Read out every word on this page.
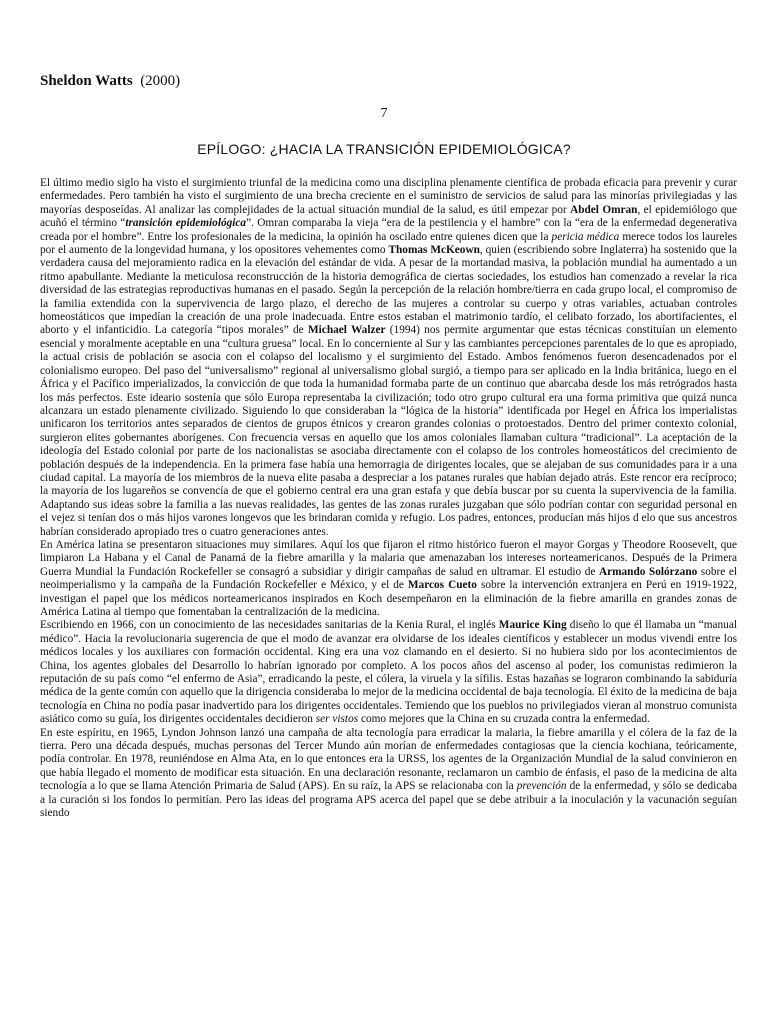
Sheldon Watts (2000)
7
EPÍLOGO: ¿HACIA LA TRANSICIÓN EPIDEMIOLÓGICA?

El último medio siglo ha visto el surgimiento triunfal de la medicina como una disciplina plenamente científica de probada eficacia para prevenir y curar enfermedades. Pero también ha visto el surgimiento de una brecha creciente en el suministro de servicios de salud para las minorías privilegiadas y las mayorías desposeídas. Al analizar las complejidades de la actual situación mundial de la salud, es útil empezar por Abdel Omran, el epidemiólogo que acuñó el término “transición epidemiológica”. Omran comparaba la vieja “era de la pestilencia y el hambre” con la “era de la enfermedad degenerativa creada por el hombre”. Entre los profesionales de la medicina, la opinión ha oscilado entre quienes dicen que la pericia médica merece todos los laureles por el aumento de la longevidad humana, y los opositores vehementes como Thomas McKeown, quien (escribiendo sobre Inglaterra) ha sostenido que la verdadera causa del mejoramiento radica en la elevación del estándar de vida. A pesar de la mortandad masiva, la población mundial ha aumentado a un ritmo apabullante. Mediante la meticulosa reconstrucción de la historia demográfica de ciertas sociedades, los estudios han comenzado a revelar la rica diversidad de las estrategias reproductivas humanas en el pasado. Según la percepción de la relación hombre/tierra en cada grupo local, el compromiso de la familia extendida con la supervivencia de largo plazo, el derecho de las mujeres a controlar su cuerpo y otras variables, actuaban controles homeostáticos que impedían la creación de una prole inadecuada. Entre estos estaban el matrimonio tardío, el celibato forzado, los abortifacientes, el aborto y el infanticidio. La categoría “tipos morales” de Michael Walzer (1994) nos permite argumentar que estas técnicas constituían un elemento esencial y moralmente aceptable en una “cultura gruesa” local. En lo concerniente al Sur y las cambiantes percepciones parentales de lo que es apropiado, la actual crisis de población se asocia con el colapso del localismo y el surgimiento del Estado. Ambos fenómenos fueron desencadenados por el colonialismo europeo. Del paso del “universalismo” regional al universalismo global surgió, a tiempo para ser aplicado en la India británica, luego en el África y el Pacífico imperializados, la convicción de que toda la humanidad formaba parte de un continuo que abarcaba desde los más retrógrados hasta los más perfectos. Este ideario sostenía que sólo Europa representaba la civilización; todo otro grupo cultural era una forma primitiva que quizá nunca alcanzara un estado plenamente civilizado. Siguiendo lo que consideraban la “lógica de la historia” identificada por Hegel en África los imperialistas unificaron los territorios antes separados de cientos de grupos étnicos y crearon grandes colonias o protoestados. Dentro del primer contexto colonial, surgieron elites gobernantes aborígenes. Con frecuencia versas en aquello que los amos coloniales llamaban cultura “tradicional”. La aceptación de la ideología del Estado colonial por parte de los nacionalistas se asociaba directamente con el colapso de los controles homeostáticos del crecimiento de población después de la independencia. En la primera fase había una hemorragia de dirigentes locales, que se alejaban de sus comunidades para ir a una ciudad capital. La mayoría de los miembros de la nueva elite pasaba a despreciar a los patanes rurales que habían dejado atrás. Este rencor era recíproco; la mayoría de los lugareños se convencía de que el gobierno central era una gran estafa y que debía buscar por su cuenta la supervivencia de la familia. Adaptando sus ideas sobre la familia a las nuevas realidades, las gentes de las zonas rurales juzgaban que sólo podrían contar con seguridad personal en el vejez si tenían dos o más hijos varones longevos que les brindaran comida y refugio. Los padres, entonces, producían más hijos d elo que sus ancestros habrían considerado apropiado tres o cuatro generaciones antes.

En América latina se presentaron situaciones muy similares. Aquí los que fijaron el ritmo histórico fueron el mayor Gorgas y Theodore Roosevelt, que limpiaron La Habana y el Canal de Panamá de la fiebre amarilla y la malaria que amenazaban los intereses norteamericanos. Después de la Primera Guerra Mundial la Fundación Rockefeller se consagró a subsidiar y dirigir campañas de salud en ultramar. El estudio de Armando Solórzano sobre el neoimperialismo y la campaña de la Fundación Rockefeller e México, y el de Marcos Cueto sobre la intervención extranjera en Perú en 1919-1922, investigan el papel que los médicos norteamericanos inspirados en Koch desempeñaron en la eliminación de la fiebre amarilla en grandes zonas de América Latina al tiempo que fomentaban la centralización de la medicina.

Escribiendo en 1966, con un conocimiento de las necesidades sanitarias de la Kenia Rural, el inglés Maurice King diseño lo que él llamaba un “manual médico”. Hacia la revolucionaria sugerencia de que el modo de avanzar era olvidarse de los ideales científicos y establecer un modus vivendi entre los médicos locales y los auxiliares con formación occidental. King era una voz clamando en el desierto. Si no hubiera sido por los acontecimientos de China, los agentes globales del Desarrollo lo habrían ignorado por completo. A los pocos años del ascenso al poder, los comunistas redimieron la reputación de su país como “el enfermo de Asia”, erradicando la peste, el cólera, la viruela y la sífilis. Estas hazañas se lograron combinando la sabiduría médica de la gente común con aquello que la dirigencia consideraba lo mejor de la medicina occidental de baja tecnología. El éxito de la medicina de baja tecnología en China no podía pasar inadvertido para los dirigentes occidentales. Temiendo que los pueblos no privilegiados vieran al monstruo comunista asiático como su guía, los dirigentes occidentales decidieron ser vistos como mejores que la China en su cruzada contra la enfermedad.

En este espíritu, en 1965, Lyndon Johnson lanzó una campaña de alta tecnología para erradicar la malaria, la fiebre amarilla y el cólera de la faz de la tierra. Pero una década después, muchas personas del Tercer Mundo aún morían de enfermedades contagiosas que la ciencia kochiana, teóricamente, podía controlar. En 1978, reuniéndose en Alma Ata, en lo que entonces era la URSS, los agentes de la Organización Mundial de la salud convinieron en que había llegado el momento de modificar esta situación. En una declaración resonante, reclamaron un cambio de énfasis, el paso de la medicina de alta tecnología a lo que se llama Atención Primaria de Salud (APS). En su raíz, la APS se relacionaba con la prevención de la enfermedad, y sólo se dedicaba a la curación si los fondos lo permitían. Pero las ideas del programa APS acerca del papel que se debe atribuir a la inoculación y la vacunación seguían siendo
